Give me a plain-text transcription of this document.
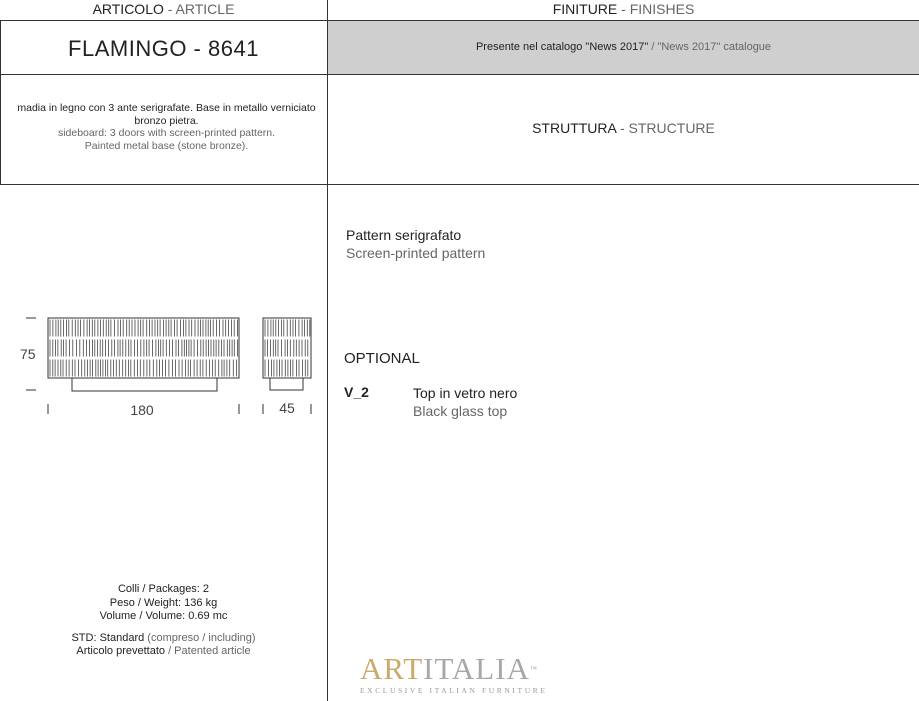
ARTICOLO - ARTICLE	FINITURE - FINISHES
FLAMINGO - 8641	Presente nel catalogo "News 2017" / "News 2017" catalogue
madia in legno con 3 ante serigrafate. Base in metallo verniciato
bronzo pietra.
sideboard: 3 doors with screen-printed pattern.
Painted metal base (stone bronze).
STRUTTURA - STRUCTURE
75
180	45
Pattern serigrafato
Screen-printed pattern
OPTIONAL
V_2	Top in vetro nero
Black glass top
Colli / Packages: 2
Peso / Weight: 136 kg
Volume / Volume: 0.69 mc
STD: Standard (compreso / including)
Articolo prevettato / Patented article	ARTITALIA™
EXCLUSIVE ITALIAN FURNITURE
